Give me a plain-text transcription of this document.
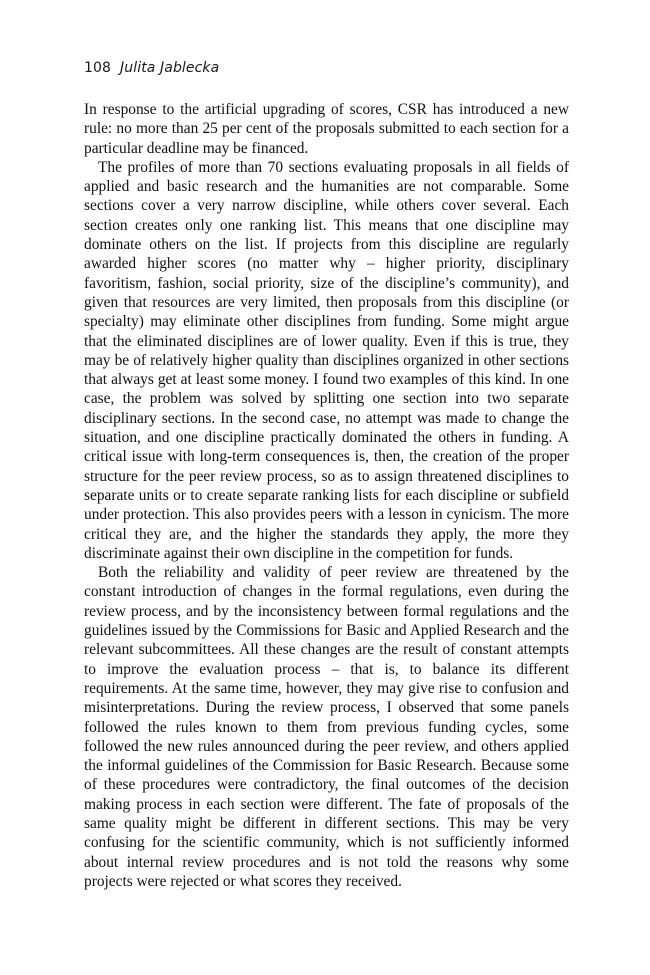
108 Julita Jablecka

In response to the artificial upgrading of scores, CSR has introduced a new rule: no more than 25 per cent of the proposals submitted to each section for a particular deadline may be financed.

The profiles of more than 70 sections evaluating proposals in all fields of applied and basic research and the humanities are not comparable. Some sections cover a very narrow discipline, while others cover several. Each section creates only one ranking list. This means that one discipline may dominate others on the list. If projects from this discipline are regularly awarded higher scores (no matter why – higher priority, disciplinary favoritism, fashion, social priority, size of the discipline’s community), and given that resources are very limited, then proposals from this discipline (or specialty) may eliminate other disciplines from funding. Some might argue that the eliminated disciplines are of lower quality. Even if this is true, they may be of relatively higher quality than disciplines organized in other sections that always get at least some money. I found two examples of this kind. In one case, the problem was solved by splitting one section into two separate disciplinary sections. In the second case, no attempt was made to change the situation, and one discipline practically dominated the others in funding. A critical issue with long-term consequences is, then, the creation of the proper structure for the peer review process, so as to assign threatened disciplines to separate units or to create separate ranking lists for each discipline or subfield under protection. This also provides peers with a lesson in cynicism. The more critical they are, and the higher the standards they apply, the more they discriminate against their own discipline in the competition for funds.

Both the reliability and validity of peer review are threatened by the constant introduction of changes in the formal regulations, even during the review process, and by the inconsistency between formal regulations and the guidelines issued by the Commissions for Basic and Applied Research and the relevant subcommittees. All these changes are the result of constant attempts to improve the evaluation process – that is, to balance its different requirements. At the same time, however, they may give rise to confusion and misinterpretations. During the review process, I observed that some panels followed the rules known to them from previous funding cycles, some followed the new rules announced during the peer review, and others applied the informal guidelines of the Commission for Basic Research. Because some of these procedures were contradictory, the final outcomes of the decision making process in each section were different. The fate of proposals of the same quality might be different in different sections. This may be very confusing for the scientific community, which is not sufficiently informed about internal review procedures and is not told the reasons why some projects were rejected or what scores they received.
